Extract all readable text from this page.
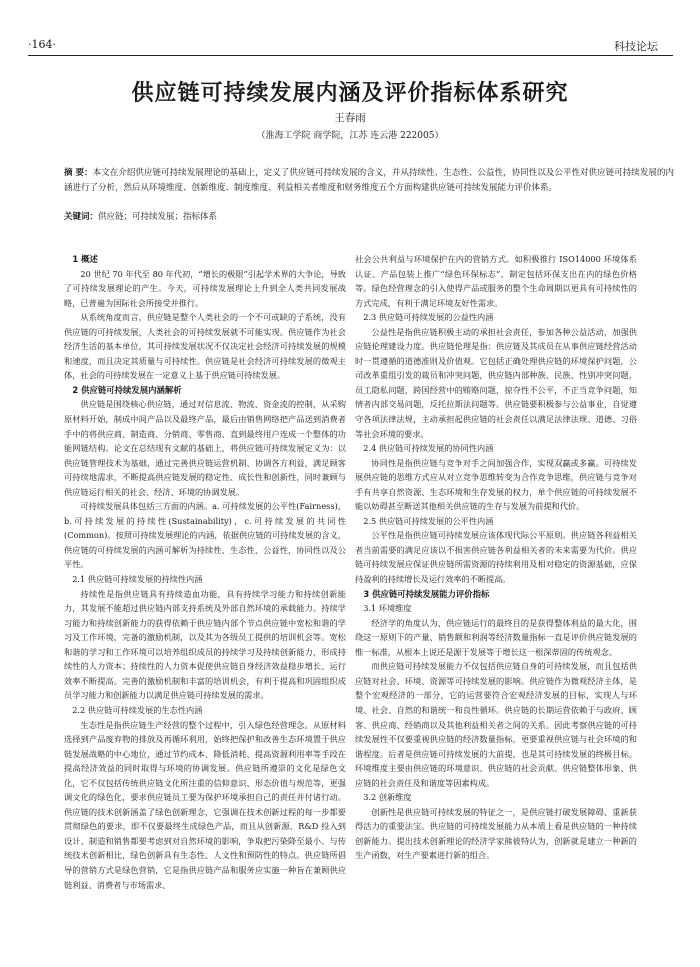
·164·	科技论坛
供应链可持续发展内涵及评价指标体系研究
王春雨
（淮海工学院 商学院，江苏 连云港 222005）
摘 要：本文在介绍供应链可持续发展理论的基础上，定义了供应链可持续发展的含义，并从持续性、生态性、公益性，协同性以及公平性对供应链可持续发展的内涵进行了分析，然后从环境维度、创新维度、制度维度、利益相关者维度和财务维度五个方面构建供应链可持续发展能力评价体系。
关键词：供应链；可持续发展；指标体系
1 概述

20 世纪 70 年代至 80 年代初，“增长的极限”引起学术界的大争论，导致了可持续发展理论的产生。今天，可持续发展理论上升到全人类共同发展战略，已普遍为国际社会所接受并推行。

从系统角度而言，供应链是整个人类社会的一个不可或缺的子系统，没有供应链的可持续发展，人类社会的可持续发展就不可能实现。供应链作为社会经济生活的基本单位，其可持续发展状况不仅决定社会经济可持续发展的规模和速度，而且决定其质量与可持续性。供应链是社会经济可持续发展的微观主体，社会的可持续发展在一定意义上基于供应链可持续发展。

2 供应链可持续发展内涵解析

供应链是围绕核心供应链，通过对信息流、物流、资金流的控制，从采购原材料开始，制成中间产品以及最终产品，最后由销售网络把产品送到消费者手中的将供应商、制造商、分销商、零售商、直到最终用户连成一个整体的功能网链结构。论文在总结现有文献的基础上，将供应链可持续发展定义为：以供应链管理技术为基础，通过完善供应链运营机制、协调各方利益，满足顾客可持续地需求，不断提高供应链发展的稳定性、成长性和创新性，同时兼顾与供应链运行相关的社会、经济、环境的协调发展。

可持续发展具体包括三方面的内涵。a. 可持续发展的公平性(Fairness)，b.可持续发展的持续性(Sustainability)，c.可持续发展的共同性(Common)。按照可持续发展理论的内涵，依据供应链的可持续发展的含义，供应链的可持续发展的内涵可解析为持续性、生态性、公益性，协同性以及公平性。

2.1 供应链可持续发展的持续性内涵

持续性是指供应链具有持续造血功能，具有持续学习能力和持续创新能力，其发展不能超过供应链内部支持系统及外部自然环境的承载能力。持续学习能力和持续创新能力的获得依赖于供应链内部个节点供应链中宽松和谐的学习及工作环境，完备的激励机制，以及其为各级员工提供的培训机会等。宽松和谐的学习和工作环境可以培养组织成员的持续学习及持续创新能力，形成持续性的人力资本；持续性的人力资本促使供应链自身经济效益稳步增长、运行效率不断提高。完善的激励机制和丰富的培训机会，有利于提高和巩固组织成员学习能力和创新能力以满足供应链可持续发展的需求。

2.2 供应链可持续发展的生态性内涵

生态性是指供应链生产经营的整个过程中，引入绿色经营理念。从原材料选择到产品废弃物的排放及再循环利用，始终把保护和改善生态环境置于供应链发展战略的中心地位，通过节约成本、降低消耗、提高资源利用率等手段在提高经济效益的同时取得与环境的协调发展。供应链所遵崇的文化是绿色文化，它不仅包括传统供应链文化所注重的信仰意识、形态价值与规范等，更强调文化的绿色化，要求供应链员工要为保护环境承担自己的责任并付诸行动。供应链的技术创新涵盖了绿色创新理念，它强调在技术创新过程的每一步都要贯彻绿色的要求，即不仅要最终生成绿色产品，而且从创新源、R&D 投入到设计、制造和销售都要考虑到对自然环境的影响，争取把污染降至最小。与传统技术创新相比，绿色创新具有生态性、人文性和预防性的特点。供应链所倡导的营销方式是绿色营销，它是指供应链产品和服务应实施一种旨在兼顾供应链利益、消费者与市场需求、

社会公共利益与环境保护在内的营销方式。如积极推行 ISO14000 环境体系认证、产品包装上推广“绿色环保标志”，制定包括环保支出在内的绿色价格等。绿色经营理念的引入使得产品或服务的整个生命周期以更具有可持续性的方式完成，有利于满足环境友好性需求。

2.3 供应链可持续发展的公益性内涵

公益性是指供应链积极主动的承担社会责任，参加各种公益活动，加强供应链伦理建设力度。供应链伦理是指：供应链及其成员在从事供应链经营活动时一贯遵循的道德准则及价值观。它包括正确处理供应链的环境保护问题，公司改革重组引发的裁员和冲突问题，供应链内部种族、民族、性别冲突问题，员工隐私问题，跨国经营中的贿赂问题，掠夺性不公平，不正当竞争问题，知情者内部交易问题，反托拉斯法问题等。供应链要积极参与公益事业，自觉遵守各项法律法规，主动承担起供应链的社会责任以满足法律法规、道德、习俗等社会环境的要求。

2.4 供应链可持续发展的协同性内涵

协同性是指供应链与竞争对手之间加强合作，实现双赢或多赢。可持续发展供应链的思维方式应从对立竞争思维转变为合作竞争思维，供应链与竞争对手有共享自然资源、生态环境和生存发展的权力，单个供应链的可持续发展不能以妨碍甚至断送其他相关供应链的生存与发展为前提和代价。

2.5 供应链可持续发展的公平性内涵

公平性是指供应链可持续发展应该体现代际公平原则。供应链各利益相关者当前需要的满足应该以不损害供应链各利益相关者的未来需要为代价。供应链可持续发展应保证供应链所需资源的持续利用及相对稳定的资源基础，应保持盈利的持续增长及运行效率的不断提高。

3 供应链可持续发展能力评价指标
3.1 环境维度

经济学的角度认为，供应链运行的最终目的是获得整体利益的最大化，围绕这一原则下的产量、销售额和利润等经济数量指标一直是评价供应链发展的惟一标准，从根本上说还是源于发展等于增长这一根深蒂固的传统观念。

而供应链可持续发展能力不仅包括供应链自身的可持续发展，而且包括供应链对社会、环境、资源等可持续发展的影响。供应链作为微观经济主体，是整个宏观经济的一部分，它的运营要符合宏观经济发展的目标，实现人与环境、社会、自然的和谐统一和良性循环。供应链的长期运营依赖于与政府、顾客、供应商、经销商以及其他利益相关者之间的关系。因此考察供应链的可持续发展性不仅要重视供应链的经济数量指标，更要重视供应链与社会环境的和谐程度。后者是供应链可持续发展的大前提，也是其可持续发展的终极目标。环境维度主要由供应链的环境意识、供应链的社会贡献、供应链整体形象、供应链的社会责任及和谐度等因素构成。

3.2 创新维度

创新性是供应链可持续发展的特征之一，是供应链打破发展障碍、重新获得活力的重要法宝。供应链的可持续发展能力从本质上看是供应链的一种持续创新能力。提出技术创新理论的经济学家熊彼特认为，创新就是建立一种新的生产函数，对生产要素进行新的组合。
